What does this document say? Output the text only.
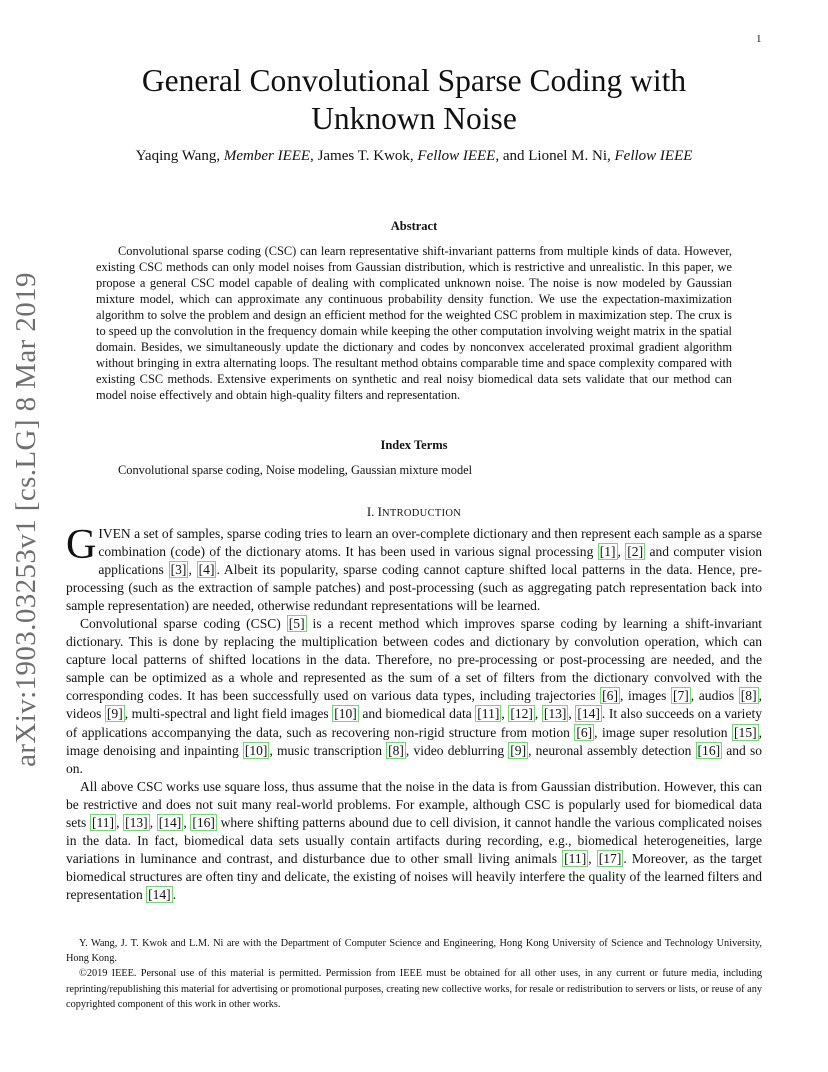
1
arXiv:1903.03253v1 [cs.LG] 8 Mar 2019
General Convolutional Sparse Coding with
Unknown Noise
Yaqing Wang, Member IEEE, James T. Kwok, Fellow IEEE, and Lionel M. Ni, Fellow IEEE
Abstract

Convolutional sparse coding (CSC) can learn representative shift-invariant patterns from multiple kinds of data. However, existing CSC methods can only model noises from Gaussian distribution, which is restrictive and unrealistic. In this paper, we propose a general CSC model capable of dealing with complicated unknown noise. The noise is now modeled by Gaussian mixture model, which can approximate any continuous probability density function. We use the expectation-maximization algorithm to solve the problem and design an efficient method for the weighted CSC problem in maximization step. The crux is to speed up the convolution in the frequency domain while keeping the other computation involving weight matrix in the spatial domain. Besides, we simultaneously update the dictionary and codes by nonconvex accelerated proximal gradient algorithm without bringing in extra alternating loops. The resultant method obtains comparable time and space complexity compared with existing CSC methods. Extensive experiments on synthetic and real noisy biomedical data sets validate that our method can model noise effectively and obtain high-quality filters and representation.

Index Terms
Convolutional sparse coding, Noise modeling, Gaussian mixture model
I. INTRODUCTION

GIVEN a set of samples, sparse coding tries to learn an over-complete dictionary and then represent each sample as a sparse combination (code) of the dictionary atoms. It has been used in various signal processing [1] , [2] and computer vision applications [3] , [4] . Albeit its popularity, sparse coding cannot capture shifted local patterns in the data. Hence, pre-processing (such as the extraction of sample patches) and post-processing (such as aggregating patch representation back into sample representation) are needed, otherwise redundant representations will be learned.

Convolutional sparse coding (CSC) [5] is a recent method which improves sparse coding by learning a shift-invariant dictionary. This is done by replacing the multiplication between codes and dictionary by convolution operation, which can capture local patterns of shifted locations in the data. Therefore, no pre-processing or post-processing are needed, and the sample can be optimized as a whole and represented as the sum of a set of filters from the dictionary convolved with the corresponding codes. It has been successfully used on various data types, including trajectories [6] , images [7] , audios [8] , videos [9] , multi-spectral and light field images [10] and biomedical data [11] , [12] , [13] , [14] . It also succeeds on a variety of applications accompanying the data, such as recovering non-rigid structure from motion [6] , image super resolution [15] , image denoising and inpainting [10] , music transcription [8] , video deblurring [9] , neuronal assembly detection [16] and so on.

All above CSC works use square loss, thus assume that the noise in the data is from Gaussian distribution. However, this can be restrictive and does not suit many real-world problems. For example, although CSC is popularly used for biomedical data sets [11] , [13] , [14] , [16] where shifting patterns abound due to cell division, it cannot handle the various complicated noises in the data. In fact, biomedical data sets usually contain artifacts during recording, e.g., biomedical heterogeneities, large variations in luminance and contrast, and disturbance due to other small living animals [11] , [17] . Moreover, as the target biomedical structures are often tiny and delicate, the existing of noises will heavily interfere the quality of the learned filters and representation [14] .

Y. Wang, J. T. Kwok and L.M. Ni are with the Department of Computer Science and Engineering, Hong Kong University of Science and Technology University, Hong Kong.

©2019 IEEE. Personal use of this material is permitted. Permission from IEEE must be obtained for all other uses, in any current or future media, including reprinting/republishing this material for advertising or promotional purposes, creating new collective works, for resale or redistribution to servers or lists, or reuse of any copyrighted component of this work in other works.
